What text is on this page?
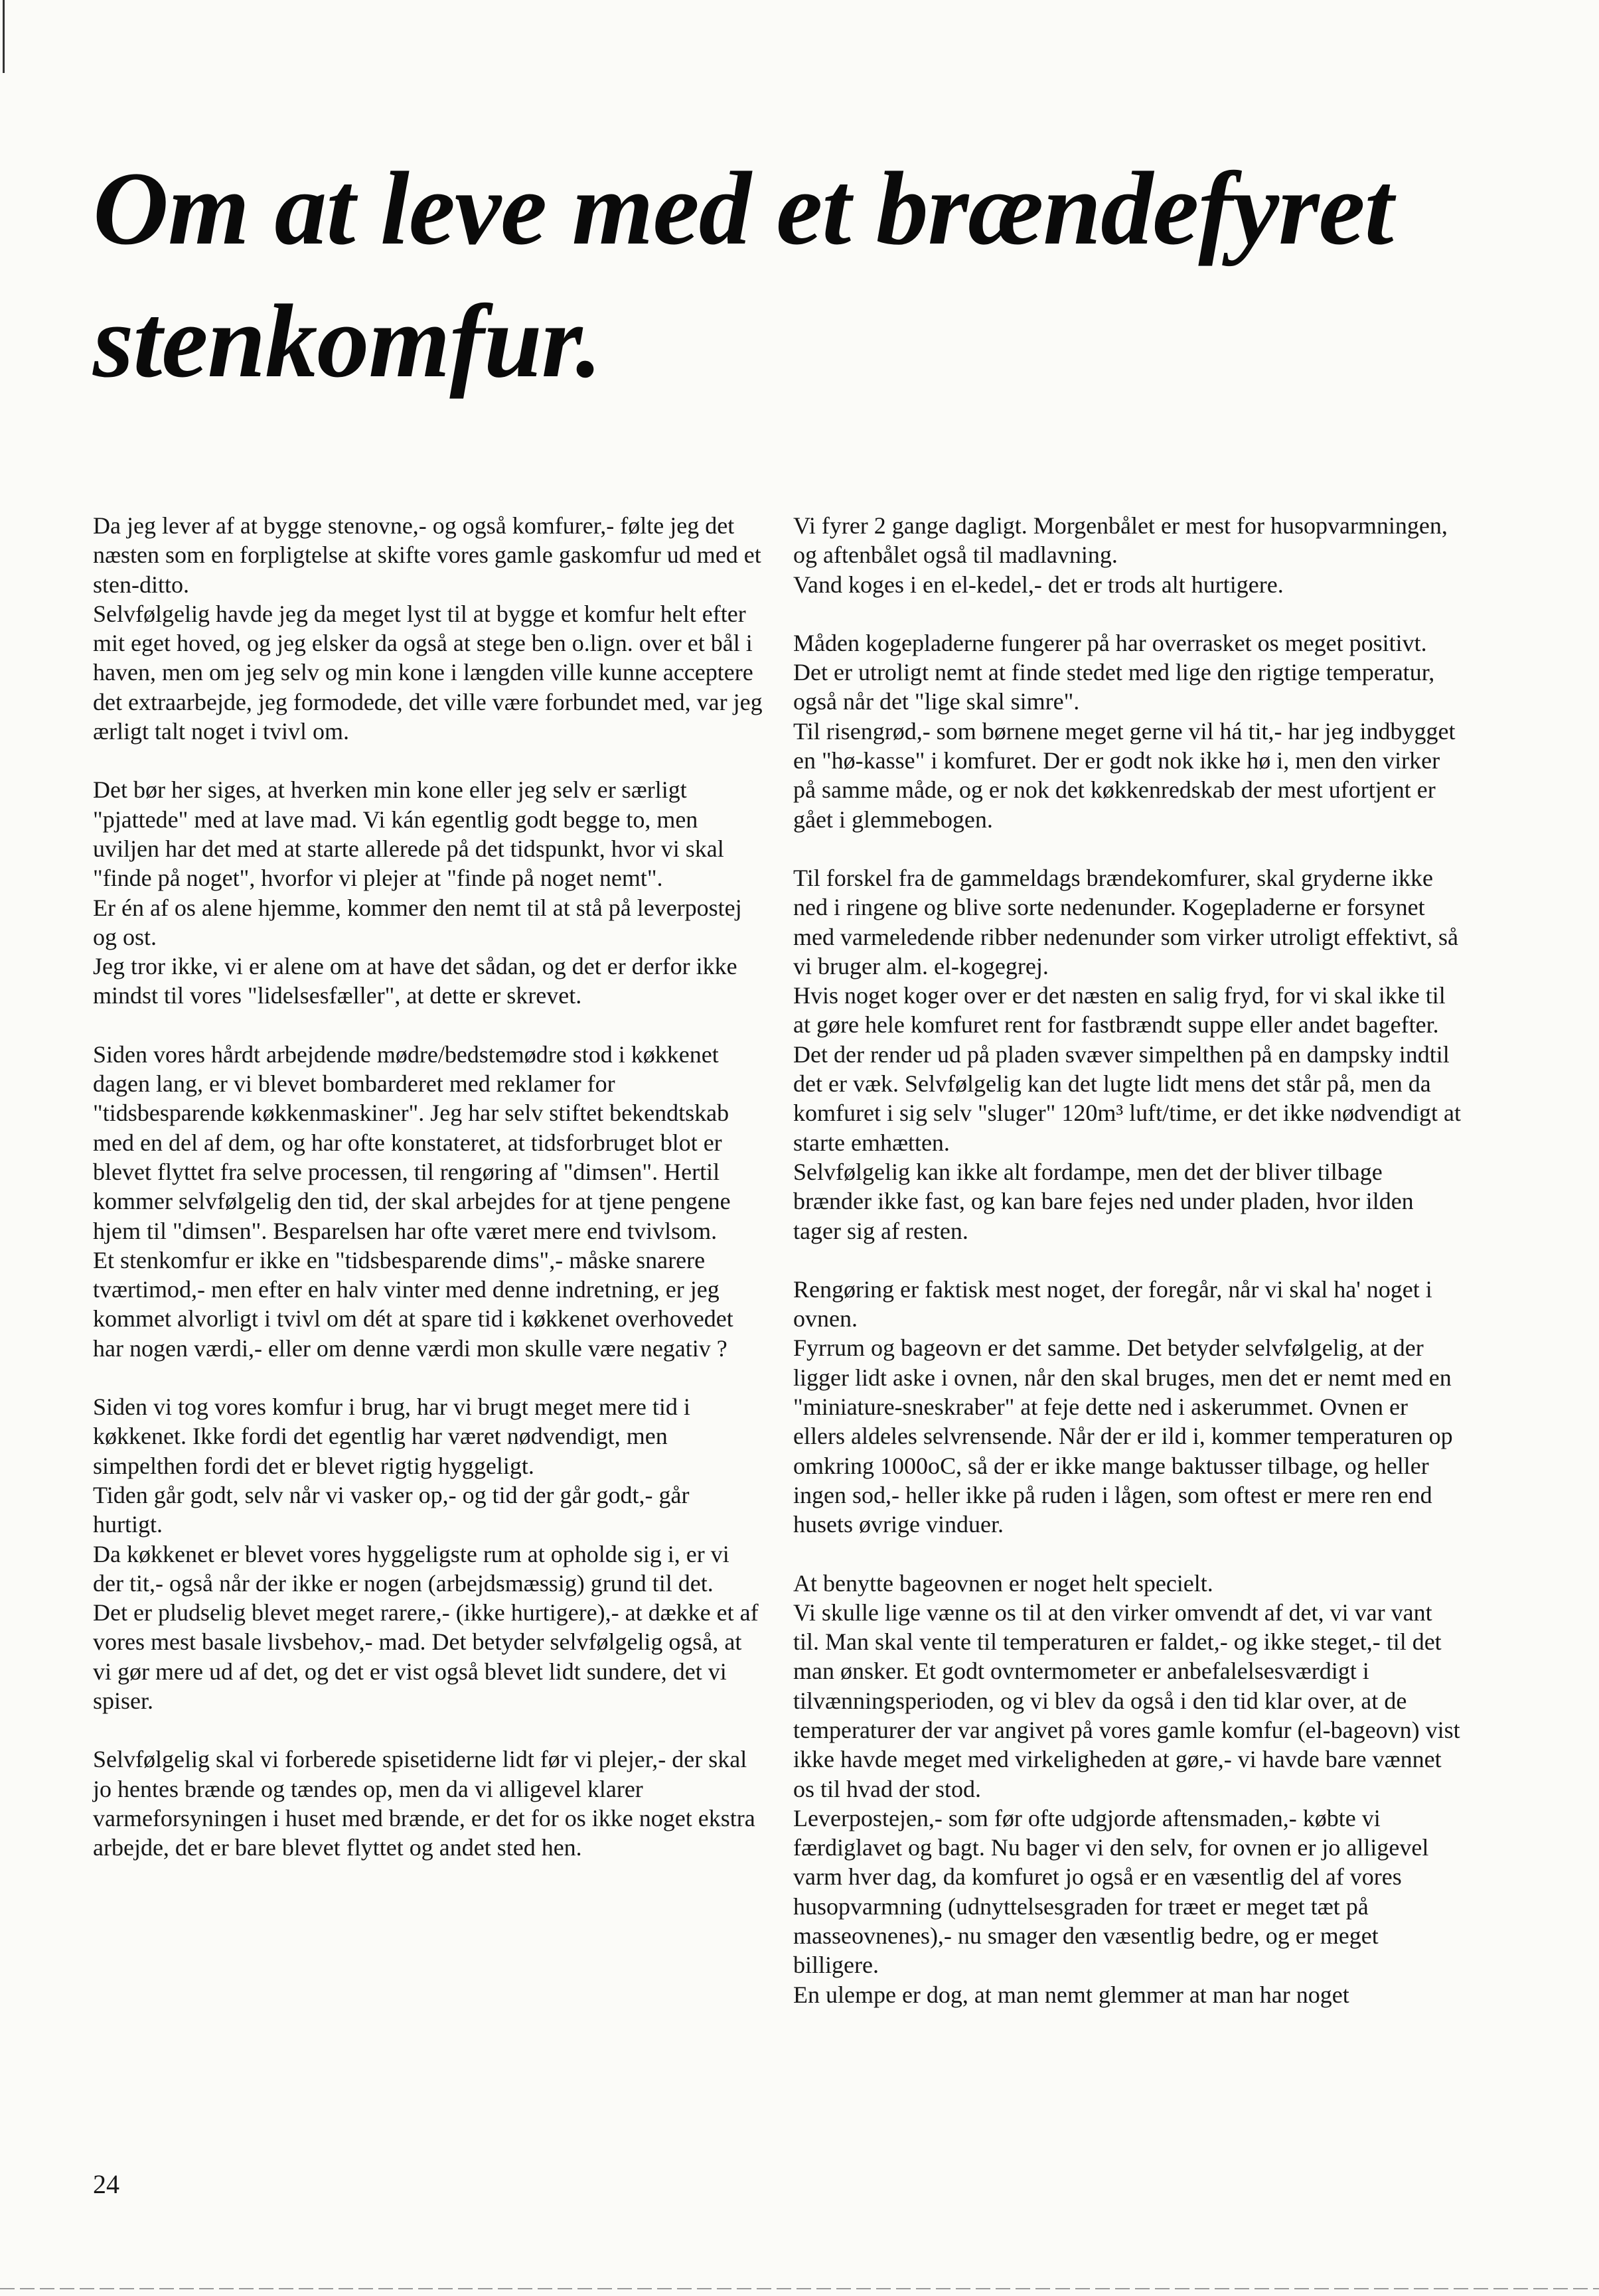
Om at leve med et brændefyret stenkomfur.
Da jeg lever af at bygge stenovne,- og også komfurer,- følte jeg det næsten som en forpligtelse at skifte vores gamle gaskomfur ud med et sten-ditto.
Selvfølgelig havde jeg da meget lyst til at bygge et komfur helt efter mit eget hoved, og jeg elsker da også at stege ben o.lign. over et bål i haven, men om jeg selv og min kone i længden ville kunne acceptere det extraarbejde, jeg formodede, det ville være forbundet med, var jeg ærligt talt noget i tvivl om.
Det bør her siges, at hverken min kone eller jeg selv er særligt "pjattede" med at lave mad. Vi kán egentlig godt begge to, men uviljen har det med at starte allerede på det tidspunkt, hvor vi skal "finde på noget", hvorfor vi plejer at "finde på noget nemt".
Er én af os alene hjemme, kommer den nemt til at stå på leverpostej og ost.
Jeg tror ikke, vi er alene om at have det sådan, og det er derfor ikke mindst til vores "lidelsesfæller", at dette er skrevet.
Siden vores hårdt arbejdende mødre/bedstemødre stod i køkkenet dagen lang, er vi blevet bombarderet med reklamer for "tidsbesparende køkkenmaskiner". Jeg har selv stiftet bekendtskab med en del af dem, og har ofte konstateret, at tidsforbruget blot er blevet flyttet fra selve processen, til rengøring af "dimsen". Hertil kommer selvfølgelig den tid, der skal arbejdes for at tjene pengene hjem til "dimsen". Besparelsen har ofte været mere end tvivlsom.
Et stenkomfur er ikke en "tidsbesparende dims",- måske snarere tværtimod,- men efter en halv vinter med denne indretning, er jeg kommet alvorligt i tvivl om dét at spare tid i køkkenet overhovedet har nogen værdi,- eller om denne værdi mon skulle være negativ ?
Siden vi tog vores komfur i brug, har vi brugt meget mere tid i køkkenet. Ikke fordi det egentlig har været nødvendigt, men simpelthen fordi det er blevet rigtig hyggeligt.
Tiden går godt, selv når vi vasker op,- og tid der går godt,- går hurtigt.
Da køkkenet er blevet vores hyggeligste rum at opholde sig i, er vi der tit,- også når der ikke er nogen (arbejdsmæssig) grund til det.
Det er pludselig blevet meget rarere,- (ikke hurtigere),- at dække et af vores mest basale livsbehov,- mad. Det betyder selvfølgelig også, at vi gør mere ud af det, og det er vist også blevet lidt sundere, det vi spiser.
Selvfølgelig skal vi forberede spisetiderne lidt før vi plejer,- der skal jo hentes brænde og tændes op, men da vi alligevel klarer varmeforsyningen i huset med brænde, er det for os ikke noget ekstra arbejde, det er bare blevet flyttet og andet sted hen.
Vi fyrer 2 gange dagligt. Morgenbålet er mest for husopvarmningen, og aftenbålet også til madlavning.
Vand koges i en el-kedel,- det er trods alt hurtigere.
Måden kogepladerne fungerer på har overrasket os meget positivt. Det er utroligt nemt at finde stedet med lige den rigtige temperatur, også når det "lige skal simre".
Til risengrød,- som børnene meget gerne vil há tit,- har jeg indbygget en "hø-kasse" i komfuret. Der er godt nok ikke hø i, men den virker på samme måde, og er nok det køkkenredskab der mest ufortjent er gået i glemmebogen.
Til forskel fra de gammeldags brændekomfurer, skal gryderne ikke ned i ringene og blive sorte nedenunder. Kogepladerne er forsynet med varmeledende ribber nedenunder som virker utroligt effektivt, så vi bruger alm. el-kogegrej.
Hvis noget koger over er det næsten en salig fryd, for vi skal ikke til at gøre hele komfuret rent for fastbrændt suppe eller andet bagefter. Det der render ud på pladen svæver simpelthen på en dampsky indtil det er væk. Selvfølgelig kan det lugte lidt mens det står på, men da komfuret i sig selv "sluger" 120m³ luft/time, er det ikke nødvendigt at starte emhætten.
Selvfølgelig kan ikke alt fordampe, men det der bliver tilbage brænder ikke fast, og kan bare fejes ned under pladen, hvor ilden tager sig af resten.
Rengøring er faktisk mest noget, der foregår, når vi skal ha' noget i ovnen.
Fyrrum og bageovn er det samme. Det betyder selvfølgelig, at der ligger lidt aske i ovnen, når den skal bruges, men det er nemt med en "miniature-sneskraber" at feje dette ned i askerummet. Ovnen er ellers aldeles selvrensende. Når der er ild i, kommer temperaturen op omkring 1000oC, så der er ikke mange baktusser tilbage, og heller ingen sod,- heller ikke på ruden i lågen, som oftest er mere ren end husets øvrige vinduer.
At benytte bageovnen er noget helt specielt.
Vi skulle lige vænne os til at den virker omvendt af det, vi var vant til. Man skal vente til temperaturen er faldet,- og ikke steget,- til det man ønsker. Et godt ovntermometer er anbefalelsesværdigt i tilvænningsperioden, og vi blev da også i den tid klar over, at de temperaturer der var angivet på vores gamle komfur (el-bageovn) vist ikke havde meget med virkeligheden at gøre,- vi havde bare vænnet os til hvad der stod.
Leverpostejen,- som før ofte udgjorde aftensmaden,- købte vi færdiglavet og bagt. Nu bager vi den selv, for ovnen er jo alligevel varm hver dag, da komfuret jo også er en væsentlig del af vores husopvarmning (udnyttelsesgraden for træet er meget tæt på masseovnenes),- nu smager den væsentlig bedre, og er meget billigere.
En ulempe er dog, at man nemt glemmer at man har noget
24
